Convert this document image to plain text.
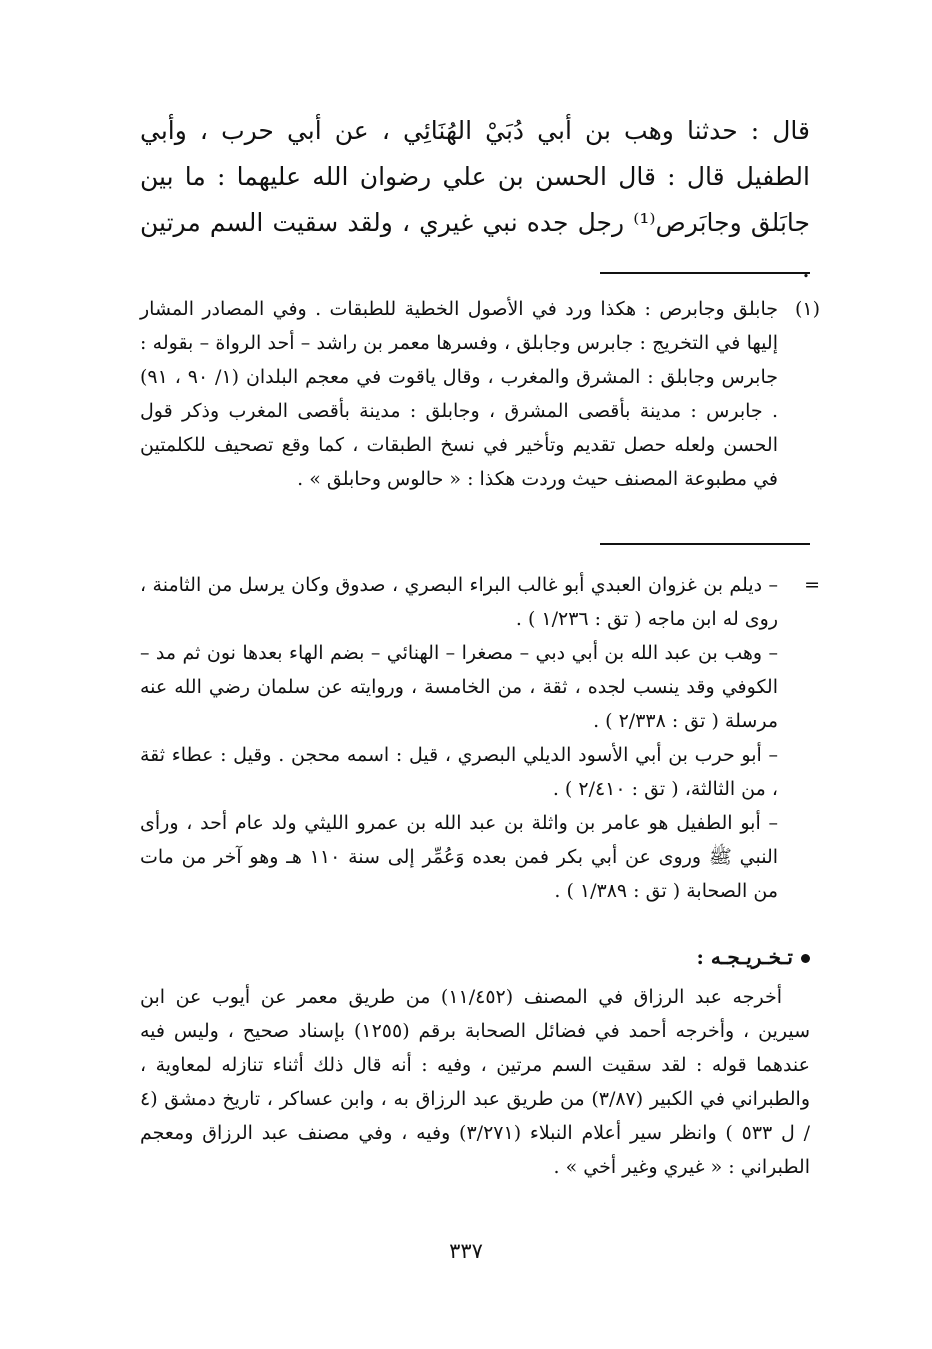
قال : حدثنا وهب بن أبي دُبَيْ الهُنَائِي ، عن أبي حرب ، وأبي الطفيل قال : قال الحسن بن علي رضوان الله عليهما : ما بين جابَلق وجابَرص⁽¹⁾ رجل جده نبي غيري ، ولقد سقيت السم مرتين .

(١)
جابلق وجابرص : هكذا ورد في الأصول الخطية للطبقات . وفي المصادر المشار إليها في التخريج : جابرس وجابلق ، وفسرها معمر بن راشد – أحد الرواة – بقوله : جابرس وجابلق : المشرق والمغرب ، وقال ياقوت في معجم البلدان (١/ ٩٠ ، ٩١) . جابرس : مدينة بأقصى المشرق ، وجابلق : مدينة بأقصى المغرب وذكر قول الحسن ولعله حصل تقديم وتأخير في نسخ الطبقات ، كما وقع تصحيف للكلمتين في مطبوعة المصنف حيث وردت هكذا : « حالوس وحابلق » .
=
– ديلم بن غزوان العبدي أبو غالب البراء البصري ، صدوق وكان يرسل من الثامنة ، روى له ابن ماجه ( تق : ١/٢٣٦ ) .
– وهب بن عبد الله بن أبي دبي – مصغرا – الهنائي – بضم الهاء بعدها نون ثم مد – الكوفي وقد ينسب لجده ، ثقة ، من الخامسة ، وروايته عن سلمان رضي الله عنه مرسلة ( تق : ٢/٣٣٨ ) .
– أبو حرب بن أبي الأسود الديلي البصري ، قيل : اسمه محجن . وقيل : عطاء ثقة ، من الثالثة، ( تق : ٢/٤١٠ ) .
– أبو الطفيل هو عامر بن واثلة بن عبد الله بن عمرو الليثي ولد عام أحد ، ورأى النبي ﷺ وروى عن أبي بكر فمن بعده وَعُمِّر إلى سنة ١١٠ هـ وهو آخر من مات من الصحابة ( تق : ١/٣٨٩ ) .
تـخـريـجـه :

أخرجه عبد الرزاق في المصنف (١١/٤٥٢) من طريق معمر عن أيوب عن ابن سيرين ، وأخرجه أحمد في فضائل الصحابة برقم (١٢٥٥) بإسناد صحيح ، وليس فيه عندهما قوله : لقد سقيت السم مرتين ، وفيه : أنه قال ذلك أثناء تنازله لمعاوية ، والطبراني في الكبير (٣/٨٧) من طريق عبد الرزاق به ، وابن عساكر ، تاريخ دمشق (٤ / ل ٥٣٣ ) وانظر سير أعلام النبلاء (٣/٢٧١) وفيه ، وفي مصنف عبد الرزاق ومعجم الطبراني : « غيري وغير أخي » .

٣٣٧
